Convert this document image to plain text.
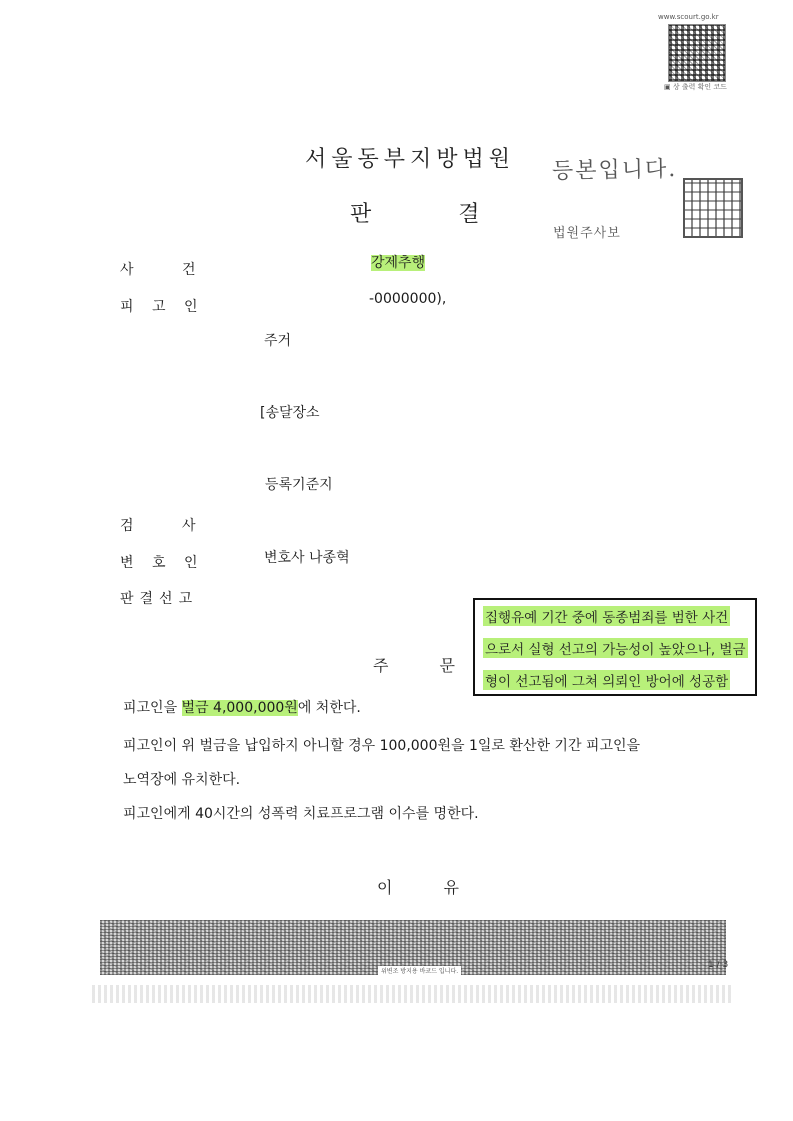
www.scourt.go.kr
▣ 상 출력 확인 코드
서울동부지방법원 등본입니다.
판 결
법원주사보
사 건	강제추행
피 고 인	-0000000),
주거
[송달장소
등록기준지
검 사
변 호 인	변호사 나종혁
판결선고
집행유예 기간 중에 동종범죄를 범한 사건
으로서 실형 선고의 가능성이 높았으나, 벌금
형이 선고됨에 그쳐 의뢰인 방어에 성공함
주 문
피고인을 벌금 4,000,000원에 처한다.
피고인이 위 벌금을 납입하지 아니할 경우 100,000원을 1일로 환산한 기간 피고인을
노역장에 유치한다.
피고인에게 40시간의 성폭력 치료프로그램 이수를 명한다.
이 유
위변조 방지용 바코드 입니다.
1 / 3
